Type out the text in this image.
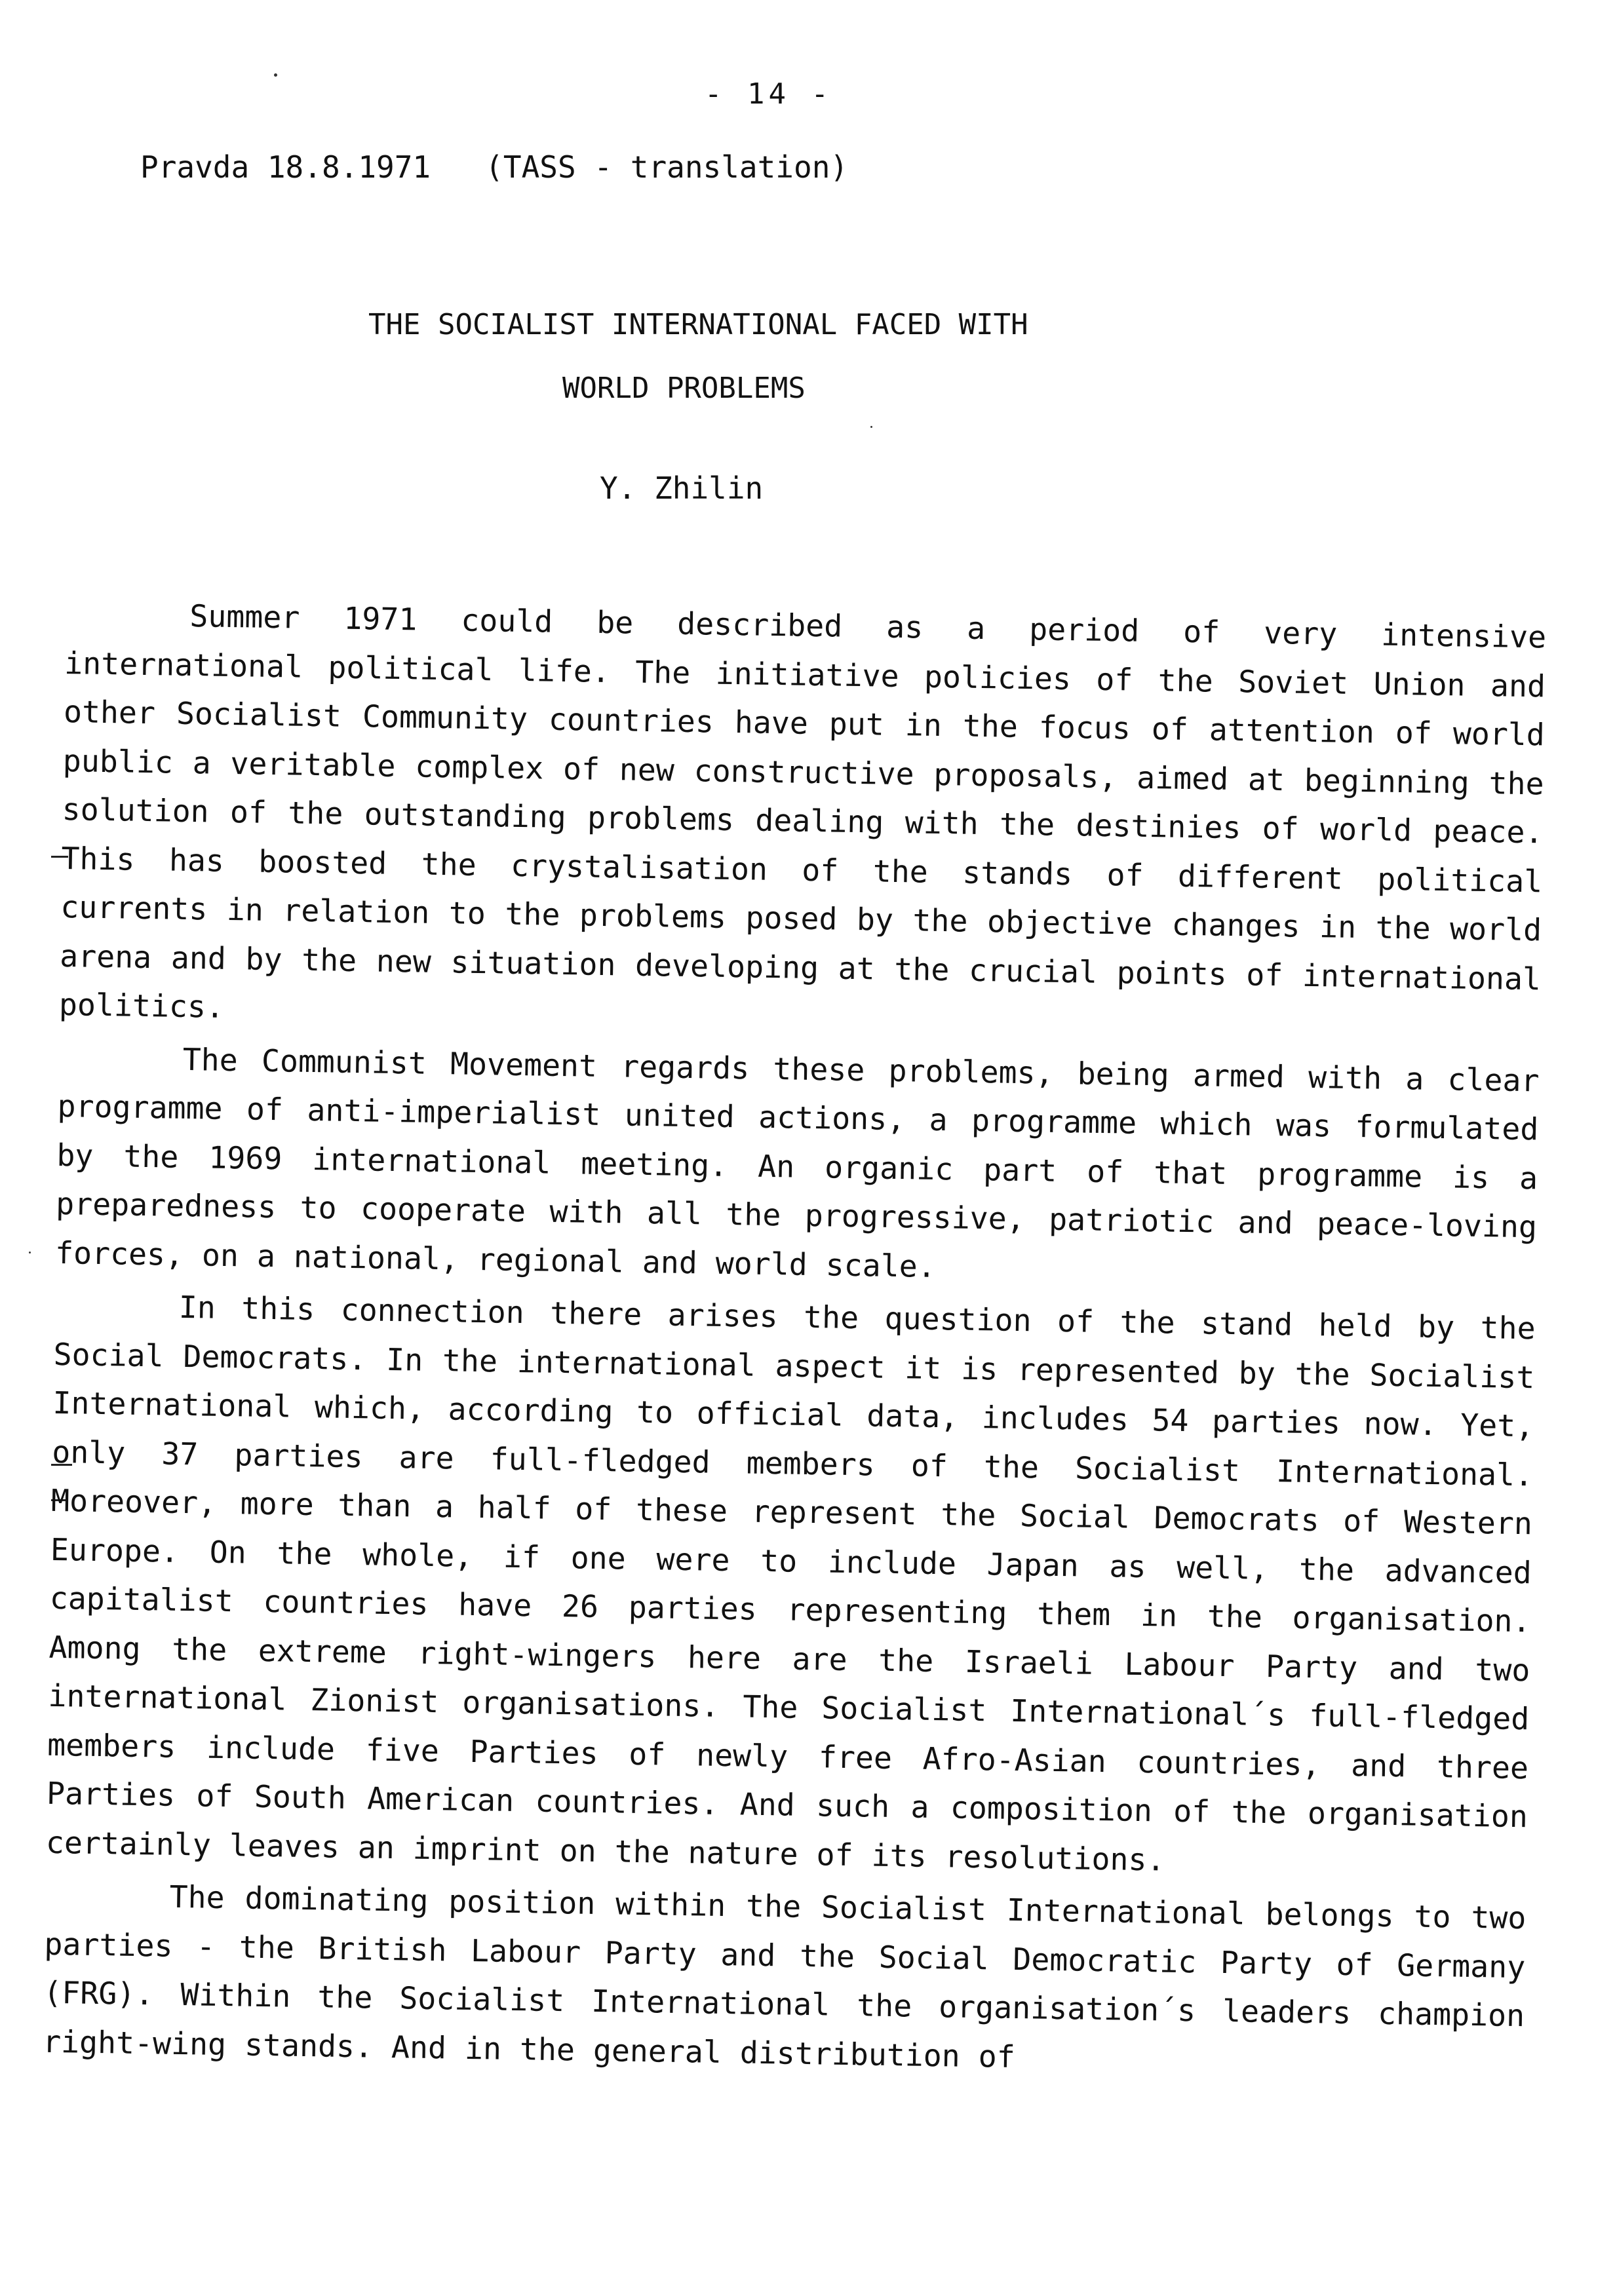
- 14 -
Pravda 18.8.1971   (TASS - translation)
THE SOCIALIST INTERNATIONAL FACED WITH
WORLD PROBLEMS
Y. Zhilin

Summer 1971 could be described as a period of very intensive international political life. The initiative policies of the Soviet Union and other Socialist Community countries have put in the focus of attention of world public a veritable complex of new constructive proposals, aimed at beginning the solution of the outstanding problems dealing with the destinies of world peace. This has boosted the crystalisation of the stands of different political currents in relation to the problems posed by the objective changes in the world arena and by the new situation developing at the crucial points of international politics.

The Communist Movement regards these problems, being armed with a clear programme of anti-imperialist united actions, a programme which was formulated by the 1969 international meeting. An organic part of that programme is a preparedness to cooperate with all the progressive, patriotic and peace-loving forces, on a national, regional and world scale.

In this connection there arises the question of the stand held by the Social Democrats. In the international aspect it is represented by the Socialist International which, according to official data, includes 54 parties now. Yet, only 37 parties are full-fledged members of the Socialist International. Moreover, more than a half of these represent the Social Democrats of Western Europe. On the whole, if one were to include Japan as well, the advanced capitalist countries have 26 parties representing them in the organisation. Among the extreme right-wingers here are the Israeli Labour Party and two international Zionist organisations. The Socialist International´s full-fledged members include five Parties of newly free Afro-Asian countries, and three Parties of South American countries. And such a composition of the organisation certainly leaves an imprint on the nature of its resolutions.

The dominating position within the Socialist International belongs to two parties - the British Labour Party and the Social Democratic Party of Germany (FRG). Within the Socialist International the organisation´s leaders champion right-wing stands. And in the general distribution of
